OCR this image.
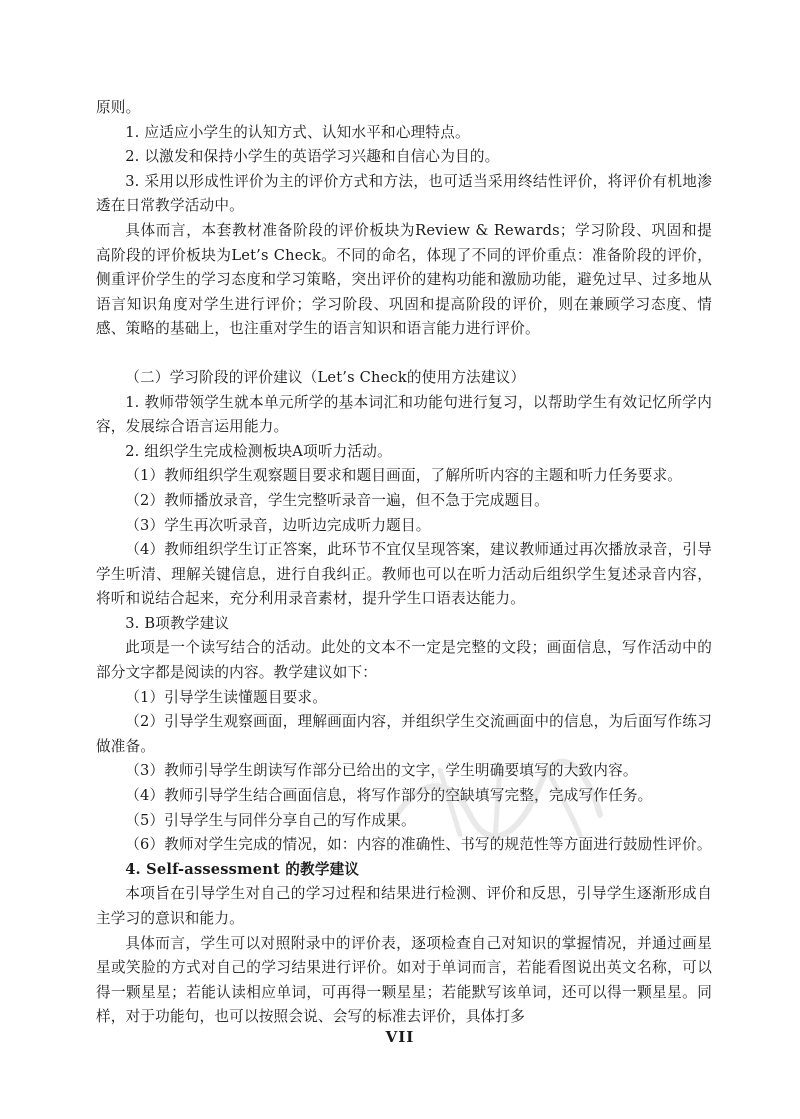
原则。

1. 应适应小学生的认知方式、认知水平和心理特点。

2. 以激发和保持小学生的英语学习兴趣和自信心为目的。

3. 采用以形成性评价为主的评价方式和方法，也可适当采用终结性评价，将评价有机地渗透在日常教学活动中。

具体而言，本套教材准备阶段的评价板块为Review & Rewards；学习阶段、巩固和提高阶段的评价板块为Let’s Check。不同的命名，体现了不同的评价重点：准备阶段的评价，侧重评价学生的学习态度和学习策略，突出评价的建构功能和激励功能，避免过早、过多地从语言知识角度对学生进行评价；学习阶段、巩固和提高阶段的评价，则在兼顾学习态度、情感、策略的基础上，也注重对学生的语言知识和语言能力进行评价。

（二）学习阶段的评价建议（Let’s Check的使用方法建议）

1. 教师带领学生就本单元所学的基本词汇和功能句进行复习，以帮助学生有效记忆所学内容，发展综合语言运用能力。

2. 组织学生完成检测板块A项听力活动。

（1）教师组织学生观察题目要求和题目画面，了解所听内容的主题和听力任务要求。

（2）教师播放录音，学生完整听录音一遍，但不急于完成题目。

（3）学生再次听录音，边听边完成听力题目。

（4）教师组织学生订正答案，此环节不宜仅呈现答案，建议教师通过再次播放录音，引导学生听清、理解关键信息，进行自我纠正。教师也可以在听力活动后组织学生复述录音内容，将听和说结合起来，充分利用录音素材，提升学生口语表达能力。

3. B项教学建议

此项是一个读写结合的活动。此处的文本不一定是完整的文段；画面信息，写作活动中的部分文字都是阅读的内容。教学建议如下：

（1）引导学生读懂题目要求。

（2）引导学生观察画面，理解画面内容，并组织学生交流画面中的信息，为后面写作练习做准备。

（3）教师引导学生朗读写作部分已给出的文字，学生明确要填写的大致内容。

（4）教师引导学生结合画面信息，将写作部分的空缺填写完整，完成写作任务。

（5）引导学生与同伴分享自己的写作成果。

（6）教师对学生完成的情况，如：内容的准确性、书写的规范性等方面进行鼓励性评价。

4. Self-assessment 的教学建议

本项旨在引导学生对自己的学习过程和结果进行检测、评价和反思，引导学生逐渐形成自主学习的意识和能力。

具体而言，学生可以对照附录中的评价表，逐项检查自己对知识的掌握情况，并通过画星星或笑脸的方式对自己的学习结果进行评价。如对于单词而言，若能看图说出英文名称，可以得一颗星星；若能认读相应单词，可再得一颗星星；若能默写该单词，还可以得一颗星星。同样，对于功能句，也可以按照会说、会写的标准去评价，具体打多

VII
